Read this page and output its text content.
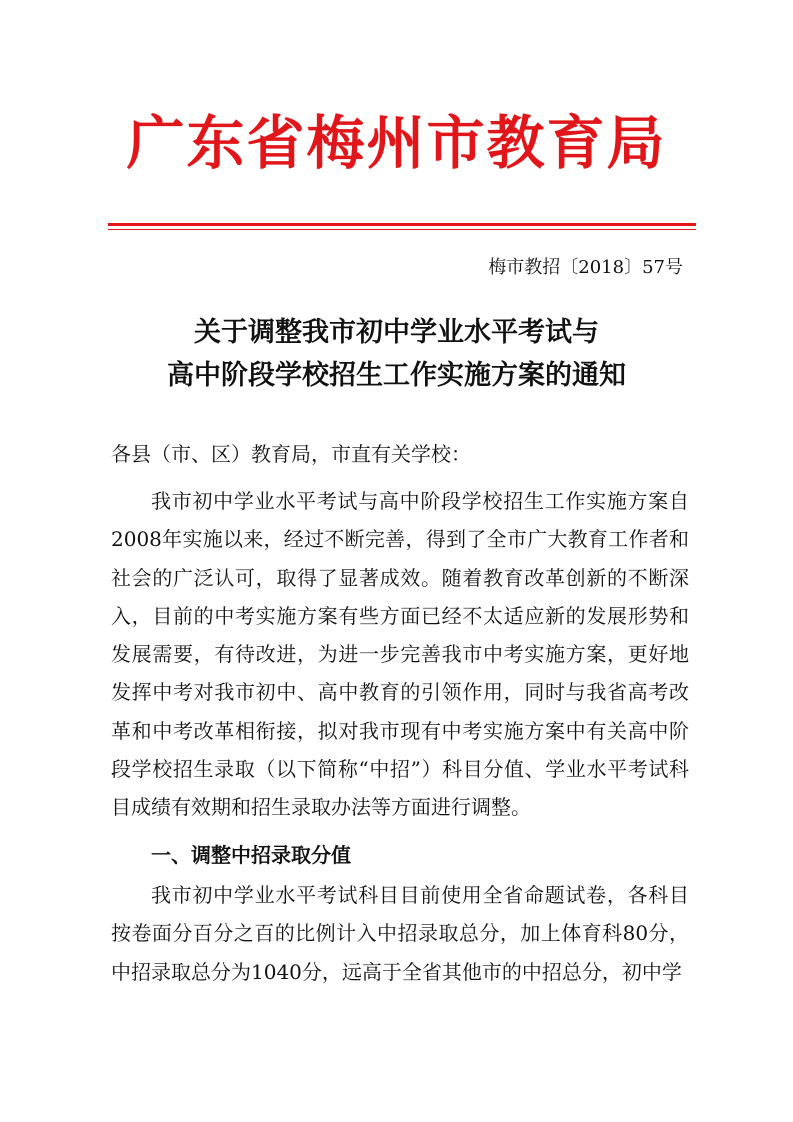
广东省梅州市教育局
梅市教招〔2018〕57号
关于调整我市初中学业水平考试与
高中阶段学校招生工作实施方案的通知
各县（市、区）教育局，市直有关学校：
我市初中学业水平考试与高中阶段学校招生工作实施方案自2008年实施以来，经过不断完善，得到了全市广大教育工作者和社会的广泛认可，取得了显著成效。随着教育改革创新的不断深入，目前的中考实施方案有些方面已经不太适应新的发展形势和发展需要，有待改进，为进一步完善我市中考实施方案，更好地发挥中考对我市初中、高中教育的引领作用，同时与我省高考改革和中考改革相衔接，拟对我市现有中考实施方案中有关高中阶段学校招生录取（以下简称“中招”）科目分值、学业水平考试科目成绩有效期和招生录取办法等方面进行调整。
一、调整中招录取分值
我市初中学业水平考试科目目前使用全省命题试卷，各科目按卷面分百分之百的比例计入中招录取总分，加上体育科80分，中招录取总分为1040分，远高于全省其他市的中招总分，初中学
